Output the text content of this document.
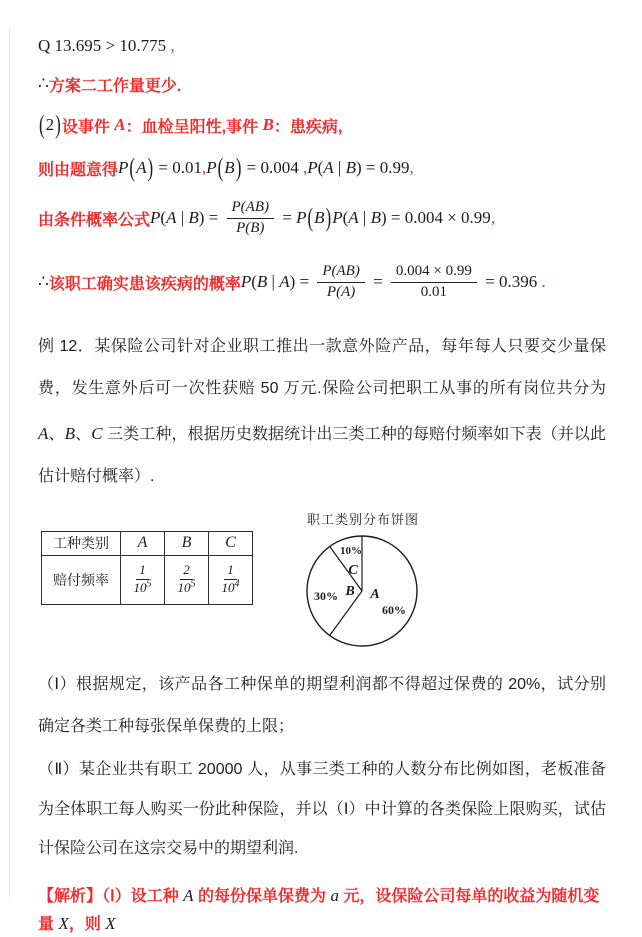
Q 13.695 > 10.775 ,
∴ 方案二工作量更少.
( 2 ) 设事件 A ：血检呈阳性,事件 B ：患疾病,
则由题意得 P ( A ) = 0.01 , P ( B ) = 0.004 , P ( A | B ) = 0.99 ,
由条件概率公式 P ( A | B ) = $\frac{P(AB)}{P(B)} = P$ ( B ) P ( A | B ) = 0.004 × 0.99 ,
∴ 该职工确实患该疾病的概率 P ( B | A ) = $\frac{P(AB)}{P(A)} = \frac{0.004 \times 0.99}{0.01} = 0.396$ .
例 12．某保险公司针对企业职工推出一款意外险产品，每年每人只要交少量保费，发生意外后可一次性获赔 50 万元.保险公司把职工从事的所有岗位共分为 A、B、C 三类工种，根据历史数据统计出三类工种的每赔付频率如下表（并以此估计赔付概率）.
工种类别	A	B	C
赔付频率	$\frac{1}{10^5}$	$\frac{2}{10^5}$	$\frac{1}{10^4}$
职工类别分布饼图
10%
C
30% B A
60%
（Ⅰ）根据规定，该产品各工种保单的期望利润都不得超过保费的 20%，试分别确定各类工种每张保单保费的上限；
（Ⅱ）某企业共有职工 20000 人，从事三类工种的人数分布比例如图，老板准备为全体职工每人购买一份此种保险，并以（Ⅰ）中计算的各类保险上限购买，试估计保险公司在这宗交易中的期望利润.
【解析】（Ⅰ）设工种 A 的每份保单保费为 a 元，设保险公司每单的收益为随机变量 X，则 X
